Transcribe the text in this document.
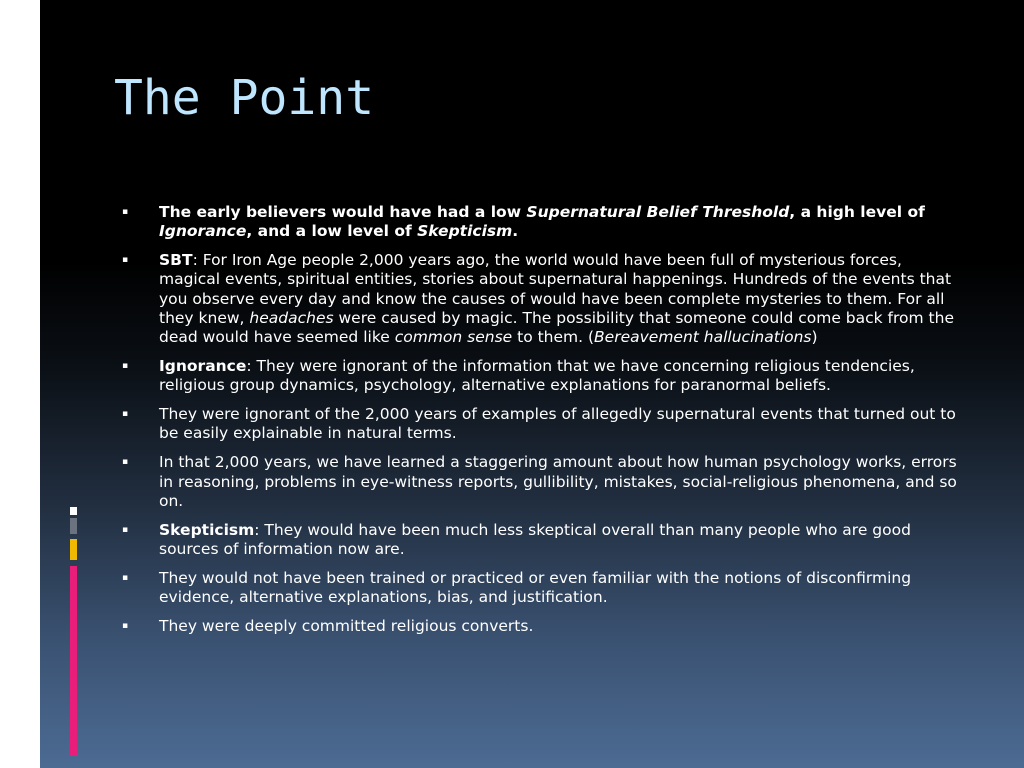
The Point
▪ The early believers would have had a low Supernatural Belief Threshold, a high level of Ignorance, and a low level of Skepticism.
▪ SBT: For Iron Age people 2,000 years ago, the world would have been full of mysterious forces, magical events, spiritual entities, stories about supernatural happenings. Hundreds of the events that you observe every day and know the causes of would have been complete mysteries to them. For all they knew, headaches were caused by magic. The possibility that someone could come back from the dead would have seemed like common sense to them. (Bereavement hallucinations)
▪ Ignorance: They were ignorant of the information that we have concerning religious tendencies, religious group dynamics, psychology, alternative explanations for paranormal beliefs.
▪ They were ignorant of the 2,000 years of examples of allegedly supernatural events that turned out to be easily explainable in natural terms.
▪ In that 2,000 years, we have learned a staggering amount about how human psychology works, errors in reasoning, problems in eye-witness reports, gullibility, mistakes, social-religious phenomena, and so on.
▪ Skepticism: They would have been much less skeptical overall than many people who are good sources of information now are.
▪ They would not have been trained or practiced or even familiar with the notions of disconfirming evidence, alternative explanations, bias, and justification.
▪ They were deeply committed religious converts.
